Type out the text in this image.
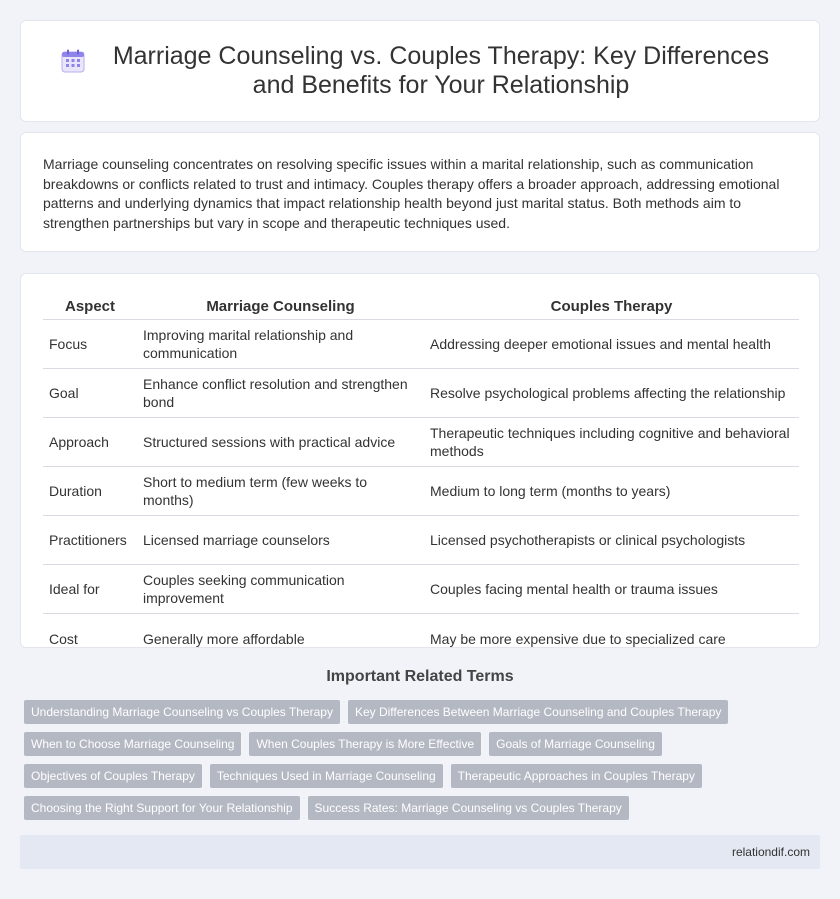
Marriage Counseling vs. Couples Therapy: Key Differences and Benefits for Your Relationship

Marriage counseling concentrates on resolving specific issues within a marital relationship, such as communication breakdowns or conflicts related to trust and intimacy. Couples therapy offers a broader approach, addressing emotional patterns and underlying dynamics that impact relationship health beyond just marital status. Both methods aim to strengthen partnerships but vary in scope and therapeutic techniques used.

Aspect	Marriage Counseling	Couples Therapy
Focus	Improving marital relationship and communication	Addressing deeper emotional issues and mental health
Goal	Enhance conflict resolution and strengthen bond	Resolve psychological problems affecting the relationship
Approach	Structured sessions with practical advice	Therapeutic techniques including cognitive and behavioral methods
Duration	Short to medium term (few weeks to months)	Medium to long term (months to years)
Practitioners	Licensed marriage counselors	Licensed psychotherapists or clinical psychologists
Ideal for	Couples seeking communication improvement	Couples facing mental health or trauma issues
Cost	Generally more affordable	May be more expensive due to specialized care
Important Related Terms
Understanding Marriage Counseling vs Couples Therapy	Key Differences Between Marriage Counseling and Couples Therapy
When to Choose Marriage Counseling	When Couples Therapy is More Effective	Goals of Marriage Counseling
Objectives of Couples Therapy	Techniques Used in Marriage Counseling	Therapeutic Approaches in Couples Therapy
Choosing the Right Support for Your Relationship	Success Rates: Marriage Counseling vs Couples Therapy
relationdif.com
